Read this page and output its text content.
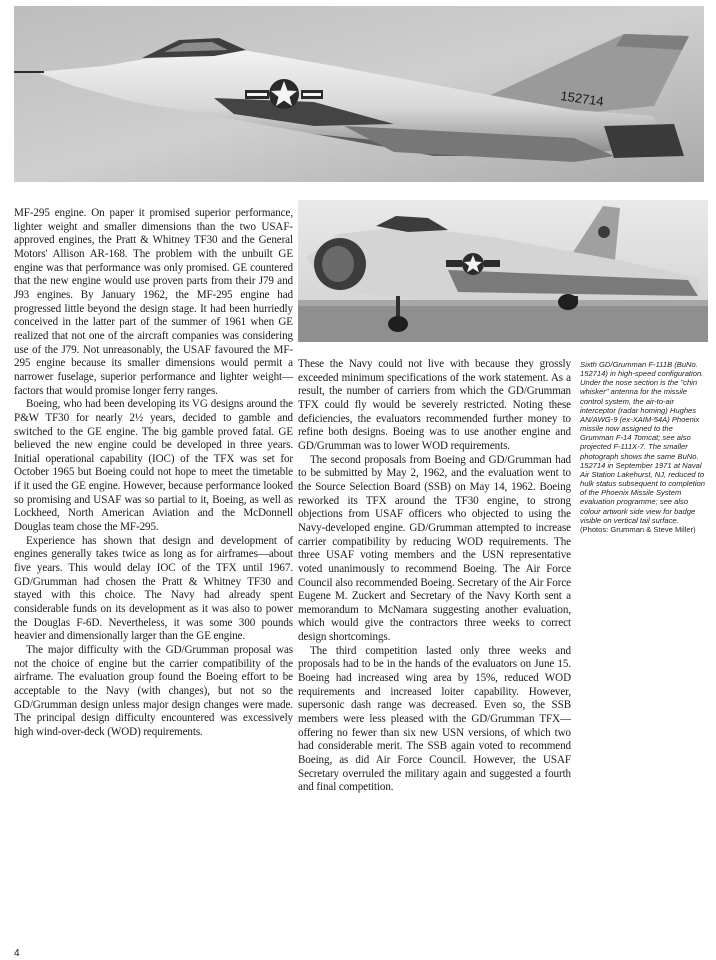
152714

MF-295 engine. On paper it promised superior performance, lighter weight and smaller dimensions than the two USAF-approved engines, the Pratt & Whitney TF30 and the General Motors' Allison AR-168. The problem with the unbuilt GE engine was that performance was only promised. GE countered that the new engine would use proven parts from their J79 and J93 engines. By January 1962, the MF-295 engine had progressed little beyond the design stage. It had been hurriedly conceived in the latter part of the summer of 1961 when GE realized that not one of the aircraft companies was considering use of the J79. Not unreasonably, the USAF favoured the MF-295 engine because its smaller dimensions would permit a narrower fuselage, superior performance and lighter weight—factors that would promise longer ferry ranges.

Boeing, who had been developing its VG designs around the P&W TF30 for nearly 2½ years, decided to gamble and switched to the GE engine. The big gamble proved fatal. GE believed the new engine could be developed in three years. Initial operational capability (IOC) of the TFX was set for October 1965 but Boeing could not hope to meet the timetable if it used the GE engine. However, because performance looked so promising and USAF was so partial to it, Boeing, as well as Lockheed, North American Aviation and the McDonnell Douglas team chose the MF-295.

Experience has shown that design and development of engines generally takes twice as long as for airframes—about five years. This would delay IOC of the TFX until 1967. GD/Grumman had chosen the Pratt & Whitney TF30 and stayed with this choice. The Navy had already spent considerable funds on its development as it was also to power the Douglas F-6D. Nevertheless, it was some 300 pounds heavier and dimensionally larger than the GE engine.

The major difficulty with the GD/Grumman proposal was not the choice of engine but the carrier compatibility of the airframe. The evaluation group found the Boeing effort to be acceptable to the Navy (with changes), but not so the GD/Grumman design unless major design changes were made. The principal design difficulty encountered was excessively high wind-over-deck (WOD) requirements.

These the Navy could not live with because they grossly exceeded minimum specifications of the work statement. As a result, the number of carriers from which the GD/Grumman TFX could fly would be severely restricted. Noting these deficiencies, the evaluators recommended further money to refine both designs. Boeing was to use another engine and GD/Grumman was to lower WOD requirements.

The second proposals from Boeing and GD/Grumman had to be submitted by May 2, 1962, and the evaluation went to the Source Selection Board (SSB) on May 14, 1962. Boeing reworked its TFX around the TF30 engine, to strong objections from USAF officers who objected to using the Navy-developed engine. GD/Grumman attempted to increase carrier compatibility by reducing WOD requirements. The three USAF voting members and the USN representative voted unanimously to recommend Boeing. The Air Force Council also recommended Boeing. Secretary of the Air Force Eugene M. Zuckert and Secretary of the Navy Korth sent a memorandum to McNamara suggesting another evaluation, which would give the contractors three weeks to correct design shortcomings.

The third competition lasted only three weeks and proposals had to be in the hands of the evaluators on June 15. Boeing had increased wing area by 15%, reduced WOD requirements and increased loiter capability. However, supersonic dash range was decreased. Even so, the SSB members were less pleased with the GD/Grumman TFX—offering no fewer than six new USN versions, of which two had considerable merit. The SSB again voted to recommend Boeing, as did Air Force Council. However, the USAF Secretary overruled the military again and suggested a fourth and final competition.

Sixth GD/Grumman F-111B (BuNo. 152714) in high-speed configuration. Under the nose section is the "chin whisker" antenna for the missile control system, the air-to-air interceptor (radar homing) Hughes AN/AWG-9 (ex-XAIM-54A) Phoenix missile now assigned to the Grumman F-14 Tomcat; see also projected F-111X-7. The smaller photograph shows the same BuNo. 152714 in September 1971 at Naval Air Station Lakehurst, NJ, reduced to hulk status subsequent to completion of the Phoenix Missile System evaluation programme; see also colour artwork side view for badge visible on vertical tail surface.
(Photos: Grumman & Steve Miller)
4
